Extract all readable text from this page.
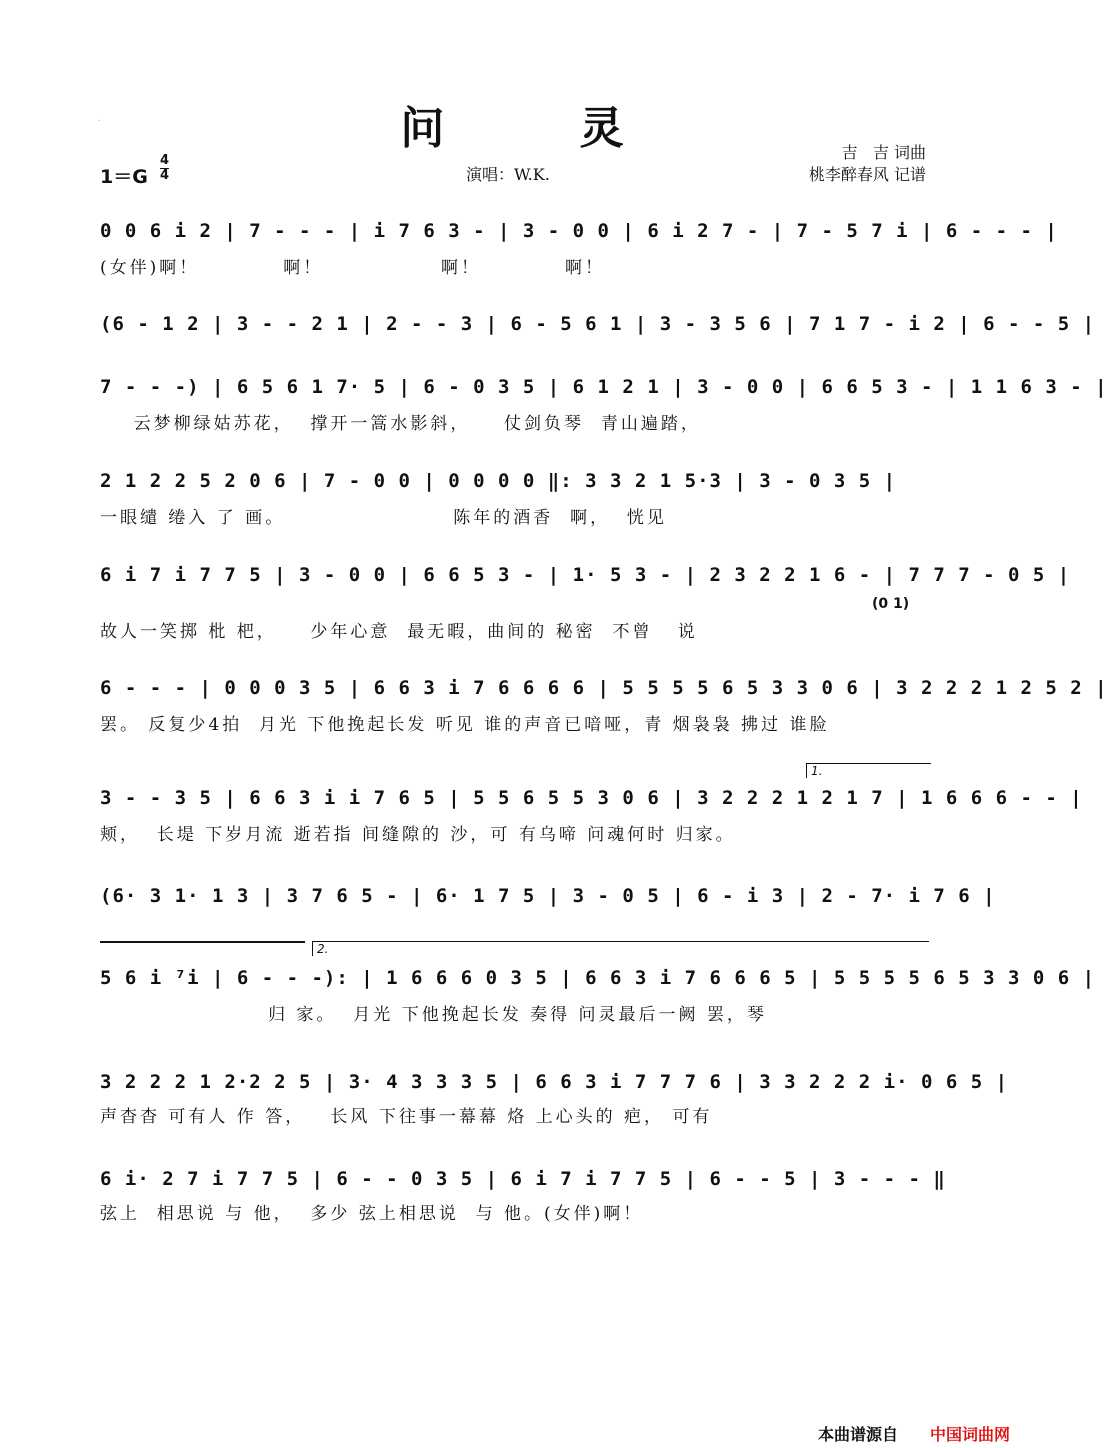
.	问 灵	吉   吉 词曲
桃李醉春风 记谱
1＝G
4
4	演唱：W.K.
0 0 6 i 2 | 7 - - - | i 7 6 3 - | 3 - 0 0 | 6 i 2 7 - | 7 - 5 7 i | 6 - - - |
(女伴)啊！          啊！              啊！          啊！
(6 - 1 2 | 3 - - 2 1 | 2 - - 3 | 6 - 5 6 1 | 3 - 3 5 6 | 7 1 7 - i 2 | 6 - - 5 |
7 - - -) | 6 5 6 1 7· 5 | 6 - 0 3 5 | 6 1 2 1 | 3 - 0 0 | 6 6 5 3 - | 1 1 6 3 - |
云梦柳绿姑苏花，  撑开一篙水影斜，    仗剑负琴  青山遍踏，
2 1 2 2 5 2 0 6 | 7 - 0 0 | 0 0 0 0 ‖: 3 3 2 1 5·3 | 3 - 0 3 5 |
一眼缱 绻入 了 画。                    陈年的酒香  啊，  恍见
6 i 7 i 7 7 5 | 3 - 0 0 | 6 6 5 3 - | 1· 5 3 - | 2 3 2 2 1 6 - | 7 7 7 - 0 5 |
(0 1)
故人一笑掷 枇 杷，    少年心意  最无暇，曲间的 秘密  不曾   说
6 - - - | 0 0 0 3 5 | 6 6 3 i 7 6 6 6 6 | 5 5 5 5 6 5 3 3 0 6 | 3 2 2 2 1 2 5 2 |
罢。 反复少4拍  月光 下他挽起长发 听见 谁的声音已喑哑，青 烟袅袅 拂过 谁脸
1.
3 - - 3 5 | 6 6 3 i i 7 6 5 | 5 5 6 5 5 3 0 6 | 3 2 2 2 1 2 1 7 | 1 6 6 6 - - |
颊，  长堤 下岁月流 逝若指 间缝隙的 沙，可 有乌啼 问魂何时 归家。
(6· 3 1· 1 3 | 3 7 6 5 - | 6· 1 7 5 | 3 - 0 5 | 6 - i 3 | 2 - 7· i 7 6 |
2.
5 6 i ⁷i | 6 - - -): | 1 6 6 6 0 3 5 | 6 6 3 i 7 6 6 6 5 | 5 5 5 5 6 5 3 3 0 6 |
归 家。  月光 下他挽起长发 奏得 问灵最后一阙 罢，琴
3 2 2 2 1 2·2 2 5 | 3· 4 3 3 3 5 | 6 6 3 i 7 7 7 6 | 3 3 2 2 2 i· 0 6 5 |
声杳杳 可有人 作 答，   长风 下往事一幕幕 烙 上心头的 疤， 可有
6 i· 2 7 i 7 7 5 | 6 - - 0 3 5 | 6 i 7 i 7 7 5 | 6 - - 5 | 3 - - - ‖
弦上  相思说 与 他，  多少 弦上相思说  与 他。(女伴)啊！
本曲谱源自 中国词曲网
